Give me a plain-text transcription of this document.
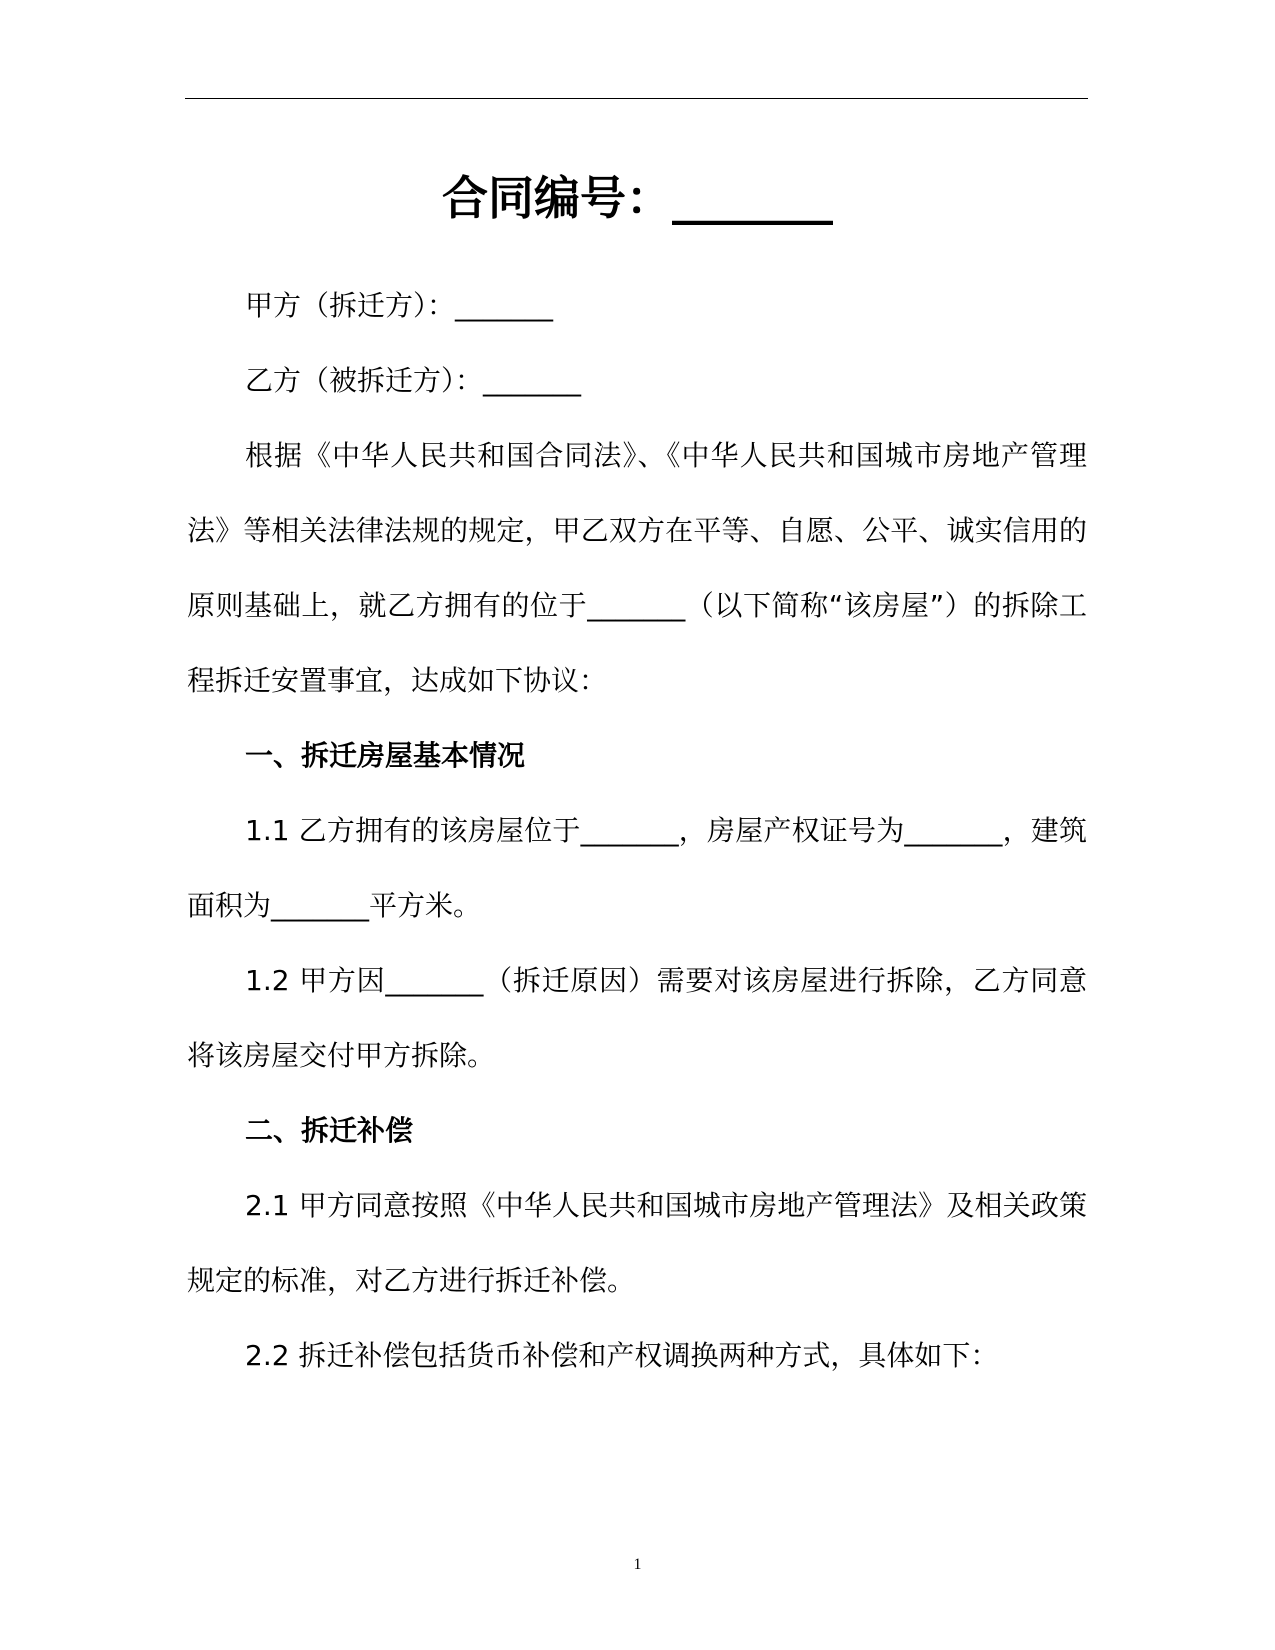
合同编号：_______

甲方（拆迁方）：_______

乙方（被拆迁方）：_______

根据《中华人民共和国合同法》、《中华人民共和国城市房地产管理法》等相关法律法规的规定，甲乙双方在平等、自愿、公平、诚实信用的原则基础上，就乙方拥有的位于_______（以下简称“该房屋”）的拆除工程拆迁安置事宜，达成如下协议：

一、拆迁房屋基本情况

1.1 乙方拥有的该房屋位于_______，房屋产权证号为_______，建筑面积为_______平方米。

1.2 甲方因_______（拆迁原因）需要对该房屋进行拆除，乙方同意将该房屋交付甲方拆除。

二、拆迁补偿

2.1 甲方同意按照《中华人民共和国城市房地产管理法》及相关政策规定的标准，对乙方进行拆迁补偿。

2.2 拆迁补偿包括货币补偿和产权调换两种方式，具体如下：

1
